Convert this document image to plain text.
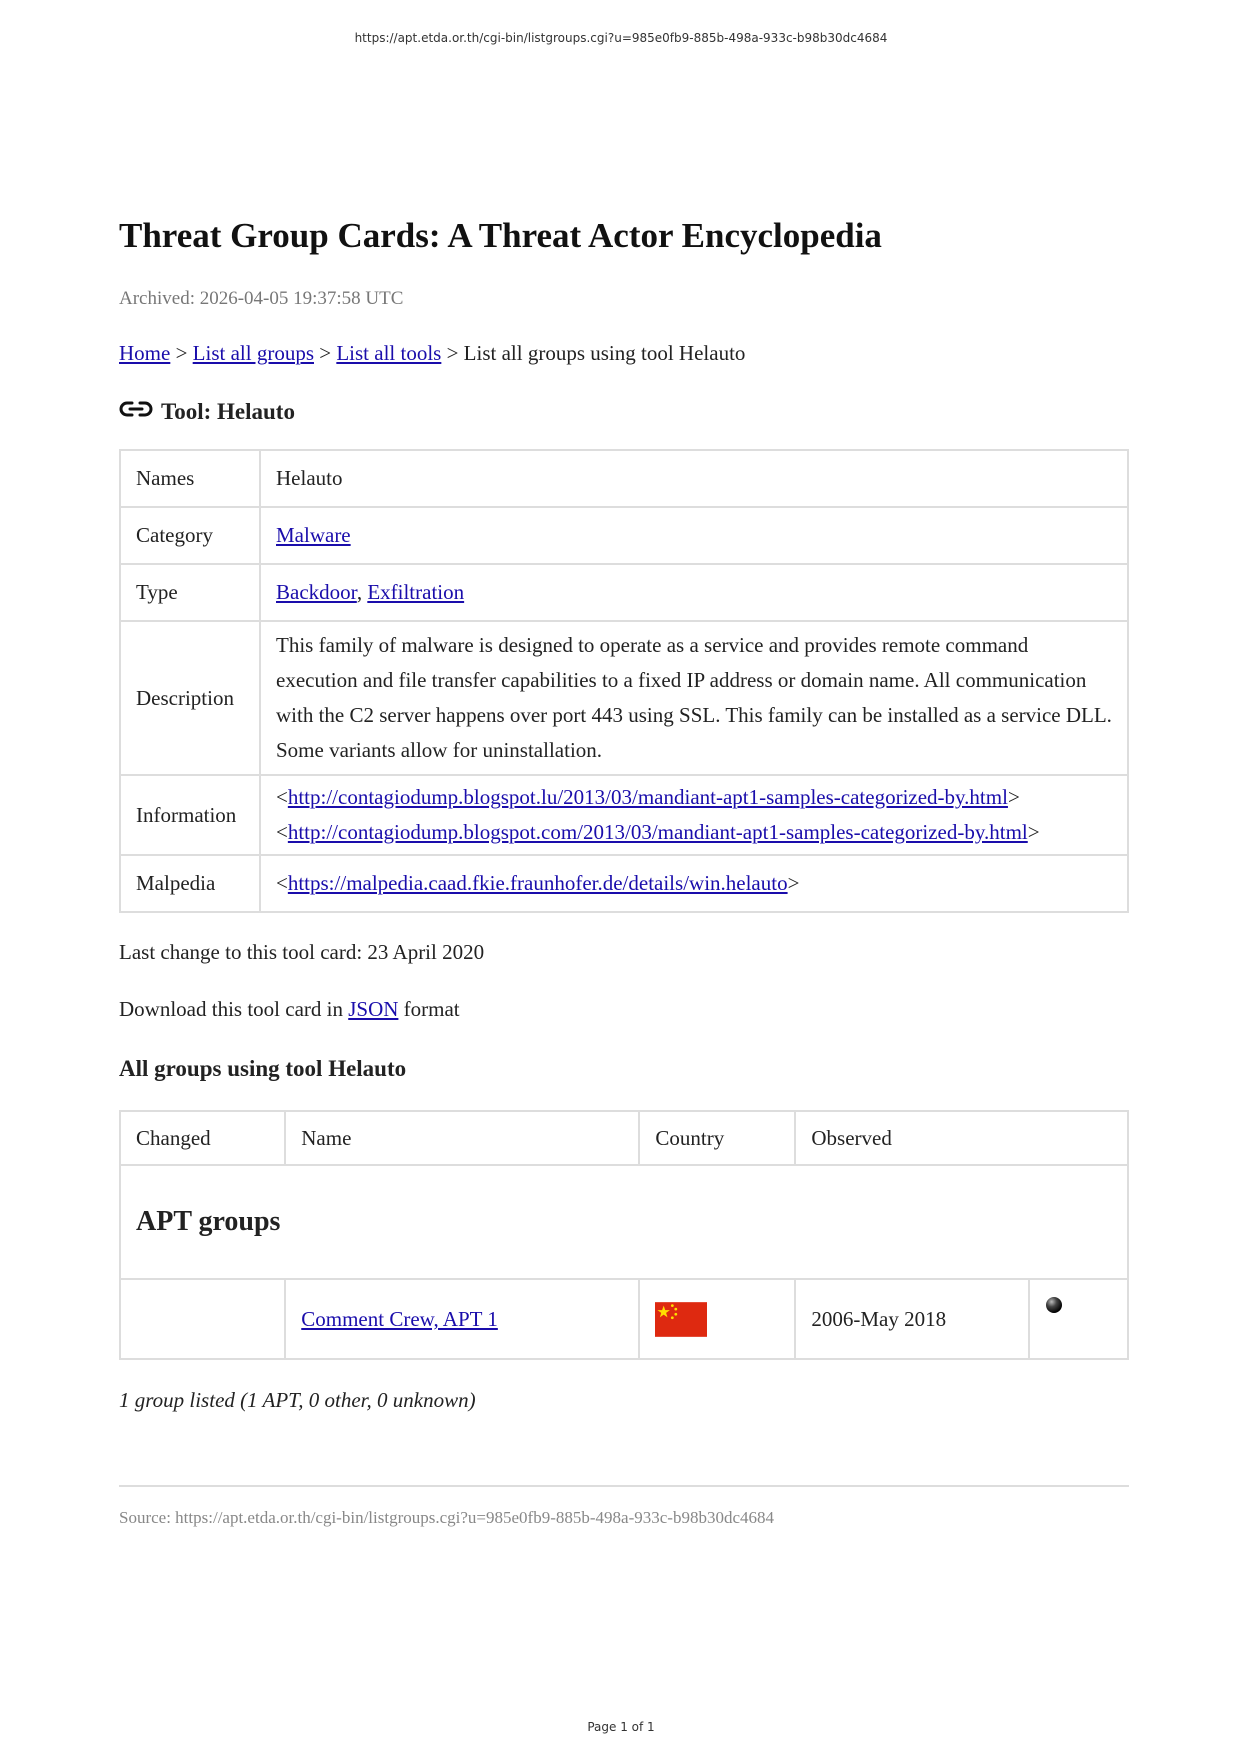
https://apt.etda.or.th/cgi-bin/listgroups.cgi?u=985e0fb9-885b-498a-933c-b98b30dc4684
Threat Group Cards: A Threat Actor Encyclopedia
Archived: 2026-04-05 19:37:58 UTC
Home > List all groups > List all tools > List all groups using tool Helauto
Tool: Helauto
Names	Helauto
Category	Malware
Type	Backdoor, Exfiltration
Description	This family of malware is designed to operate as a service and provides remote command execution and file transfer capabilities to a fixed IP address or domain name. All communication with the C2 server happens over port 443 using SSL. This family can be installed as a service DLL. Some variants allow for uninstallation.
Information	<http://contagiodump.blogspot.lu/2013/03/mandiant-apt1-samples-categorized-by.html>
<http://contagiodump.blogspot.com/2013/03/mandiant-apt1-samples-categorized-by.html>

Malpedia	<https://malpedia.caad.fkie.fraunhofer.de/details/win.helauto>
Last change to this tool card: 23 April 2020
Download this tool card in JSON format
All groups using tool Helauto
Changed	Name	Country	Observed	
APT groups				
	Comment Crew, APT 1		2006-May 2018	
1 group listed (1 APT, 0 other, 0 unknown)
Source: https://apt.etda.or.th/cgi-bin/listgroups.cgi?u=985e0fb9-885b-498a-933c-b98b30dc4684
Page 1 of 1
